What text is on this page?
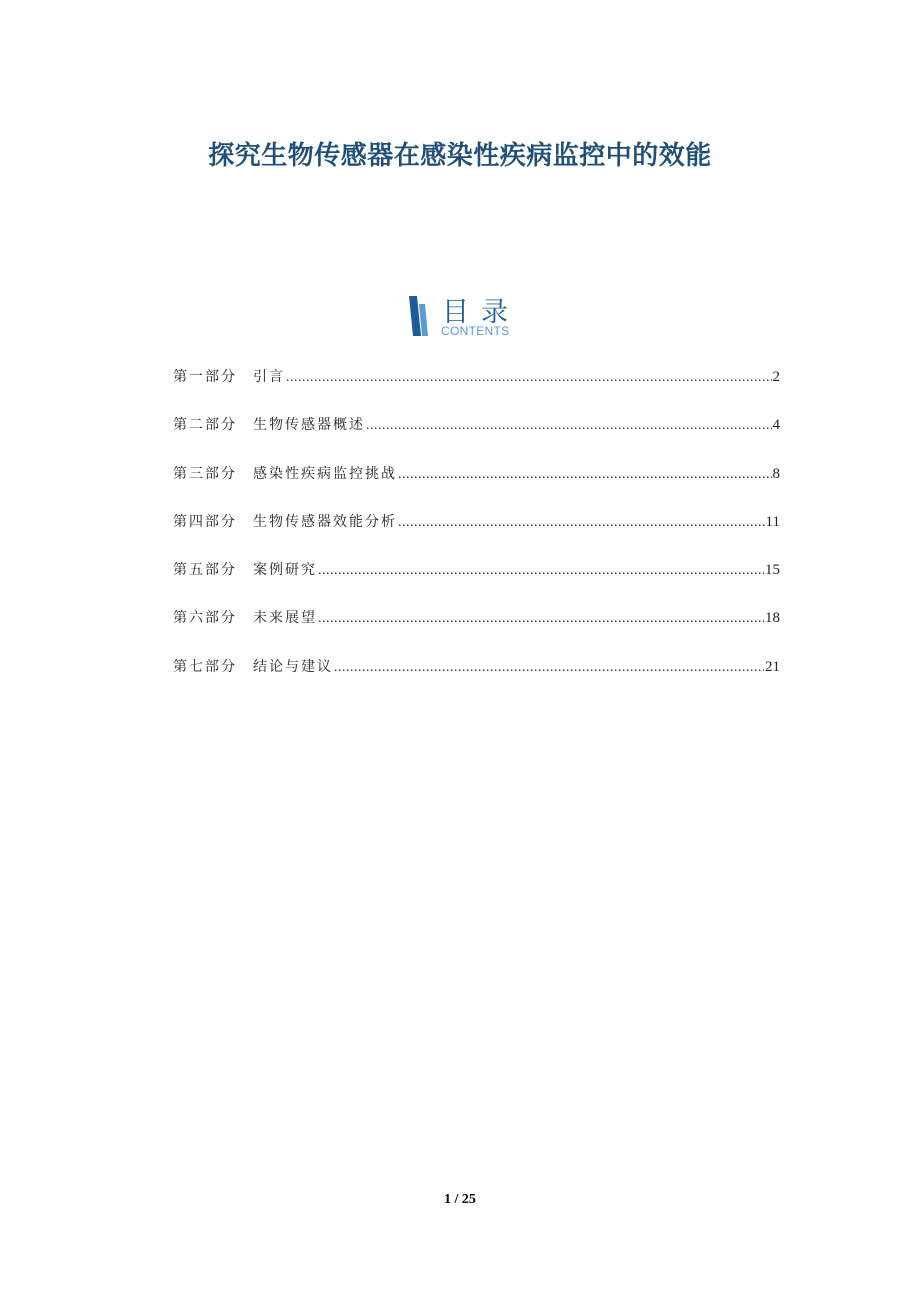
探究生物传感器在感染性疾病监控中的效能
目录
CONTENTS
第一部分	引言 .....	2
第二部分	生物传感器概述 .....	4
第三部分	感染性疾病监控挑战 .....	8
第四部分	生物传感器效能分析 .....	11
第五部分	案例研究 .....	15
第六部分	未来展望 .....	18
第七部分	结论与建议 .....	21
1 / 25
